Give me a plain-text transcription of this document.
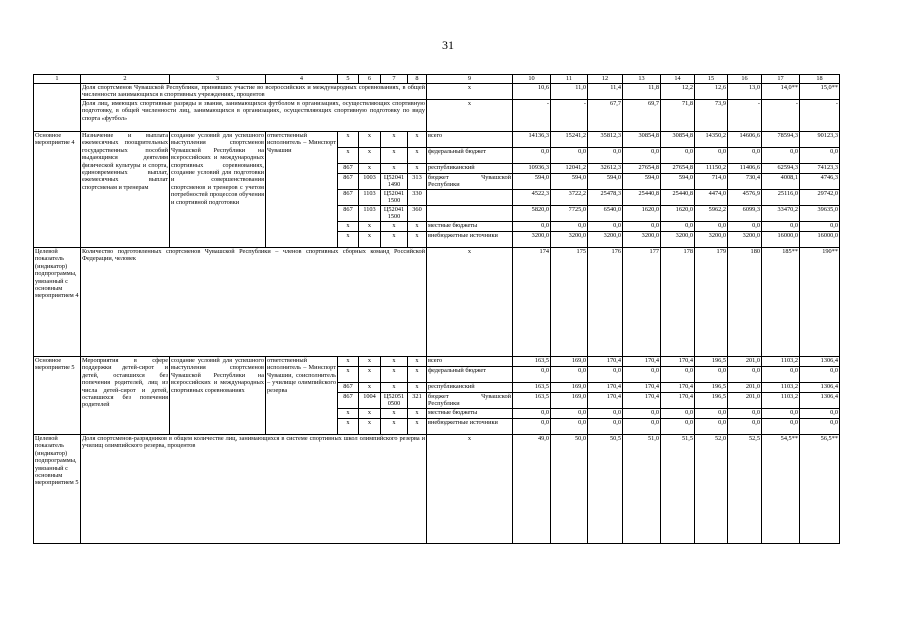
31
1	2	3	4	5	6	7	8	9	10	11	12	13	14	15	16	17	18
	Доля спортсменов Чувашской Республики, принявших участие во всероссийских и международных соревнованиях, в общей численности занимающихся в спортивных учреждениях, процентов							х	10,6	11,0	11,4	11,8	12,2	12,6	13,0	14,0**	15,0**
	Доля лиц, имеющих спортивные разряды и звания, занимающихся футболом в организациях, осуществляющих спортивную подготовку, в общей численности лиц, занимающихся в организациях, осуществляющих спортивную подготовку по виду спорта «футбол»							х	-	-	67,7	69,7	71,8	73,9	-	-	-
Основное мероприятие 4	Назначение и выплата ежемесячных поощрительных государственных пособий выдающимся деятелям физической культуры и спорта, единовременных выплат, ежемесячных выплат спортсменам и тренерам	создание условий для успешного выступления спортсменов Чувашской Республики на всероссийских и международных спортивных соревнованиях, создание условий для подготовки и совершенствования спортсменов и тренеров с учетом потребностей процессов обучения и спортивной подготовки	ответственный исполнитель – Минспорт Чувашии	х	х	х	х	всего	14136,3	15241,2	35812,3	30854,8	30854,8	14350,2	14606,6	78594,3	90123,3
				х	х	х	х	федеральный бюджет	0,0	0,0	0,0	0,0	0,0	0,0	0,0	0,0	0,0
				867	х	х	х	республиканский	10936,3	12041,2	32612,3	27654,8	27654,8	11150,2	11406,6	62594,3	74123,3
				867	1003	Ц52041 1490	313	бюджет Чувашской Республики	594,0	594,0	594,0	594,0	594,0	714,0	730,4	4008,1	4746,3
				867	1103	Ц52041 1500	330		4522,3	3722,2	25478,3	25440,8	25440,8	4474,0	4576,9	25116,0	29742,0
				867	1103	Ц52041 1500	360		5820,0	7725,0	6540,0	1620,0	1620,0	5962,2	6099,3	33470,2	39635,0
				х	х	х	х	местные бюджеты	0,0	0,0	0,0	0,0	0,0	0,0	0,0	0,0	0,0
				х	х	х	х	внебюджетные источники	3200,0	3200,0	3200,0	3200,0	3200,0	3200,0	3200,0	16000,0	16000,0
Целевой показатель (индикатор) подпрограммы, увязанный с основным мероприятием 4	Количество подготовленных спортсменов Чувашской Республики – членов спортивных сборных команд Российской Федерации, человек							х	174	175	176	177	178	179	180	185**	190**
Основное мероприятие 5	Мероприятия в сфере поддержки детей-сирот и детей, оставшихся без попечения родителей, лиц из числа детей-сирот и детей, оставшихся без попечения родителей	создание условий для успешного выступления спортсменов Чувашской Республики на всероссийских и международных спортивных соревнованиях	ответственный исполнитель – Минспорт Чувашии, соисполнитель – училище олимпийского резерва	х	х	х	х	всего	163,5	169,0	170,4	170,4	170,4	196,5	201,0	1103,2	1306,4
				х	х	х	х	федеральный бюджет	0,0	0,0	0,0	0,0	0,0	0,0	0,0	0,0	0,0
				867	х	х	х	республиканский	163,5	169,0	170,4	170,4	170,4	196,5	201,0	1103,2	1306,4
				867	1004	Ц52051 0500	321	бюджет Чувашской Республики	163,5	169,0	170,4	170,4	170,4	196,5	201,0	1103,2	1306,4
				х	х	х	х	местные бюджеты	0,0	0,0	0,0	0,0	0,0	0,0	0,0	0,0	0,0
				х	х	х	х	внебюджетные источники	0,0	0,0	0,0	0,0	0,0	0,0	0,0	0,0	0,0
Целевой показатель (индикатор) подпрограммы, увязанный с основным мероприятием 5	Доля спортсменов-разрядников в общем количестве лиц, занимающихся в системе спортивных школ олимпийского резерва и училищ олимпийского резерва, процентов							х	49,0	50,0	50,5	51,0	51,5	52,0	52,5	54,5**	56,5**
